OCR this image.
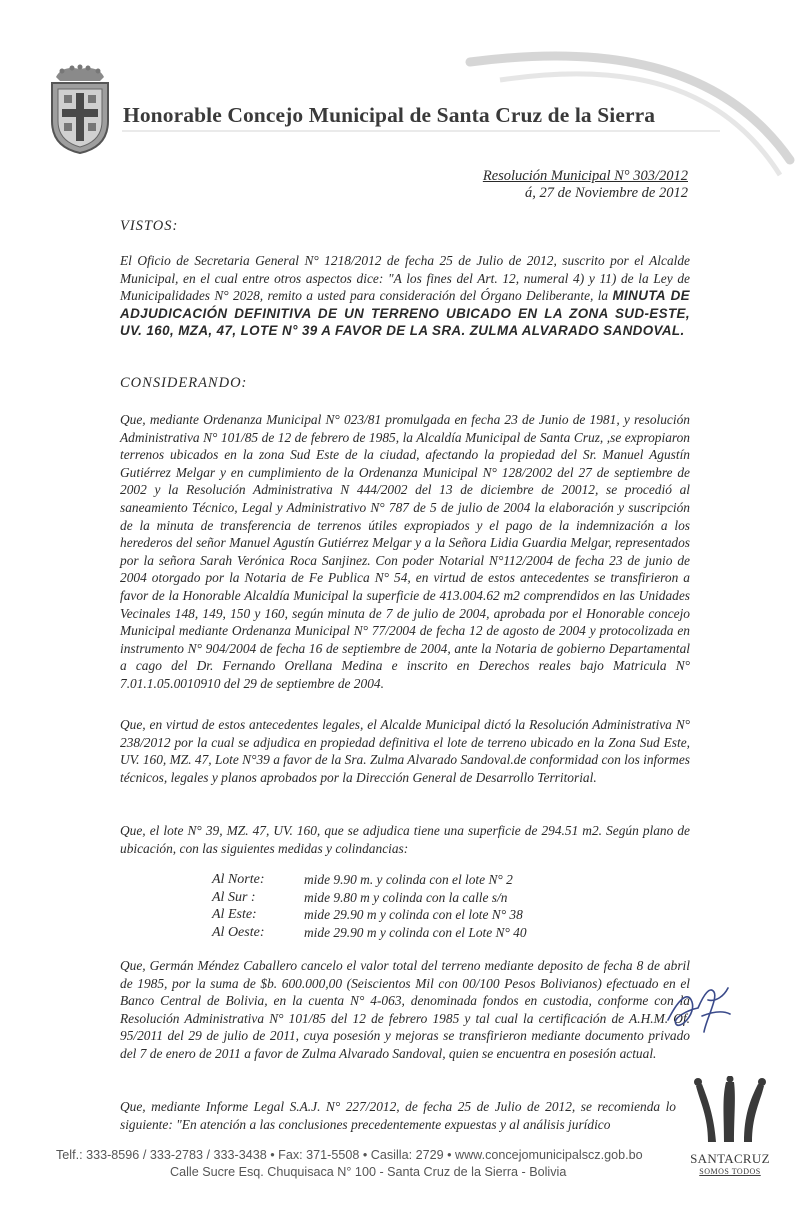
Honorable Concejo Municipal de Santa Cruz de la Sierra
Resolución Municipal N° 303/2012
á, 27 de Noviembre de 2012
VISTOS:
El Oficio de Secretaria General N° 1218/2012 de fecha 25 de Julio de 2012, suscrito por el Alcalde Municipal, en el cual entre otros aspectos dice: "A los fines del Art. 12, numeral 4) y 11) de la Ley de Municipalidades N° 2028, remito a usted para consideración del Órgano Deliberante, la MINUTA DE ADJUDICACIÓN DEFINITIVA DE UN TERRENO UBICADO EN LA ZONA SUD-ESTE, UV. 160, MZA, 47, LOTE N° 39 A FAVOR DE LA SRA. ZULMA ALVARADO SANDOVAL.
CONSIDERANDO:
Que, mediante Ordenanza Municipal N° 023/81 promulgada en fecha 23 de Junio de 1981, y resolución Administrativa N° 101/85 de 12 de febrero de 1985, la Alcaldía Municipal de Santa Cruz, ,se expropiaron terrenos ubicados en la zona Sud Este de la ciudad, afectando la propiedad del Sr. Manuel Agustín Gutiérrez Melgar y en cumplimiento de la Ordenanza Municipal N° 128/2002 del 27 de septiembre de 2002 y la Resolución Administrativa N 444/2002 del 13 de diciembre de 20012, se procedió al saneamiento Técnico, Legal y Administrativo N° 787 de 5 de julio de 2004 la elaboración y suscripción de la minuta de transferencia de terrenos útiles expropiados y el pago de la indemnización a los herederos del señor Manuel Agustín Gutiérrez Melgar y a la Señora Lidia Guardia Melgar, representados por la señora Sarah Verónica Roca Sanjinez. Con poder Notarial N°112/2004 de fecha 23 de junio de 2004 otorgado por la Notaria de Fe Publica N° 54, en virtud de estos antecedentes se transfirieron a favor de la Honorable Alcaldía Municipal la superficie de 413.004.62 m2 comprendidos en las Unidades Vecinales 148, 149, 150 y 160, según minuta de 7 de julio de 2004, aprobada por el Honorable concejo Municipal mediante Ordenanza Municipal N° 77/2004 de fecha 12 de agosto de 2004 y protocolizada en instrumento N° 904/2004 de fecha 16 de septiembre de 2004, ante la Notaria de gobierno Departamental a cago del Dr. Fernando Orellana Medina e inscrito en Derechos reales bajo Matricula N° 7.01.1.05.0010910 del 29 de septiembre de 2004.
Que, en virtud de estos antecedentes legales, el Alcalde Municipal dictó la Resolución Administrativa N° 238/2012 por la cual se adjudica en propiedad definitiva el lote de terreno ubicado en la Zona Sud Este, UV. 160, MZ. 47, Lote N°39 a favor de la Sra. Zulma Alvarado Sandoval.de conformidad con los informes técnicos, legales y planos aprobados por la Dirección General de Desarrollo Territorial.
Que, el lote N° 39, MZ. 47, UV. 160, que se adjudica tiene una superficie de 294.51 m2. Según plano de ubicación, con las siguientes medidas y colindancias:
Al Norte:	mide 9.90 m. y colinda con el lote N° 2
Al Sur :	mide 9.80 m y colinda con la calle s/n
Al Este:	mide 29.90 m y colinda con el lote N° 38
Al Oeste:	mide 29.90 m y colinda con el Lote N° 40
Que, Germán Méndez Caballero cancelo el valor total del terreno mediante deposito de fecha 8 de abril de 1985, por la suma de $b. 600.000,00 (Seiscientos Mil con 00/100 Pesos Bolivianos) efectuado en el Banco Central de Bolivia, en la cuenta N° 4-063, denominada fondos en custodia, conforme con la Resolución Administrativa N° 101/85 del 12 de febrero 1985 y tal cual la certificación de A.H.M. Of. 95/2011 del 29 de julio de 2011, cuya posesión y mejoras se transfirieron mediante documento privado del 7 de enero de 2011 a favor de Zulma Alvarado Sandoval, quien se encuentra en posesión actual.
Que, mediante Informe Legal S.A.J. N° 227/2012, de fecha 25 de Julio de 2012, se recomienda lo siguiente: "En atención a las conclusiones precedentemente expuestas y al análisis jurídico
SANTACRUZ
SOMOS TODOS
Telf.: 333-8596 / 333-2783 / 333-3438 • Fax: 371-5508 • Casilla: 2729 • www.concejomunicipalscz.gob.bo
Calle Sucre Esq. Chuquisaca N° 100 - Santa Cruz de la Sierra - Bolivia
